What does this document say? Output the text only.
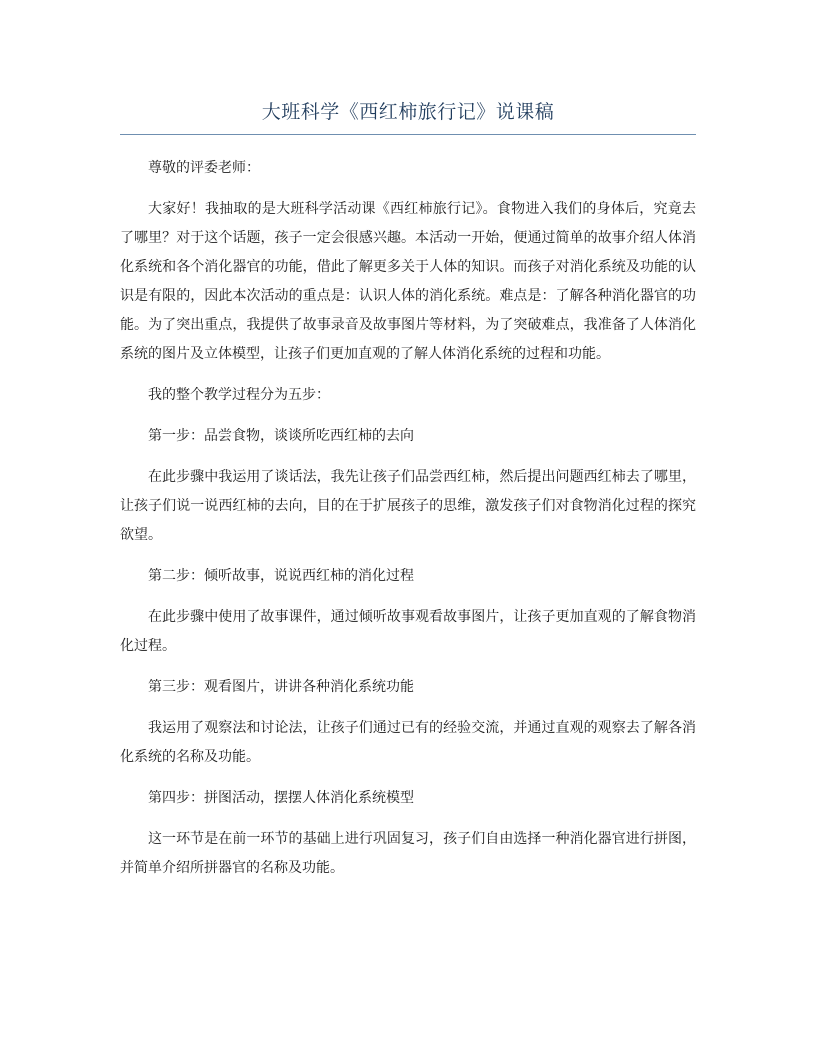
大班科学《西红柿旅行记》说课稿

尊敬的评委老师：

大家好！我抽取的是大班科学活动课《西红柿旅行记》。食物进入我们的身体后，究竟去了哪里？对于这个话题，孩子一定会很感兴趣。本活动一开始，便通过简单的故事介绍人体消化系统和各个消化器官的功能，借此了解更多关于人体的知识。而孩子对消化系统及功能的认识是有限的，因此本次活动的重点是：认识人体的消化系统。难点是：了解各种消化器官的功能。为了突出重点，我提供了故事录音及故事图片等材料，为了突破难点，我准备了人体消化系统的图片及立体模型，让孩子们更加直观的了解人体消化系统的过程和功能。

我的整个教学过程分为五步：

第一步：品尝食物，谈谈所吃西红柿的去向

在此步骤中我运用了谈话法，我先让孩子们品尝西红柿，然后提出问题西红柿去了哪里，让孩子们说一说西红柿的去向，目的在于扩展孩子的思维，激发孩子们对食物消化过程的探究欲望。

第二步：倾听故事，说说西红柿的消化过程

在此步骤中使用了故事课件，通过倾听故事观看故事图片，让孩子更加直观的了解食物消化过程。

第三步：观看图片，讲讲各种消化系统功能

我运用了观察法和讨论法，让孩子们通过已有的经验交流，并通过直观的观察去了解各消化系统的名称及功能。

第四步：拼图活动，摆摆人体消化系统模型

这一环节是在前一环节的基础上进行巩固复习，孩子们自由选择一种消化器官进行拼图，并简单介绍所拼器官的名称及功能。
